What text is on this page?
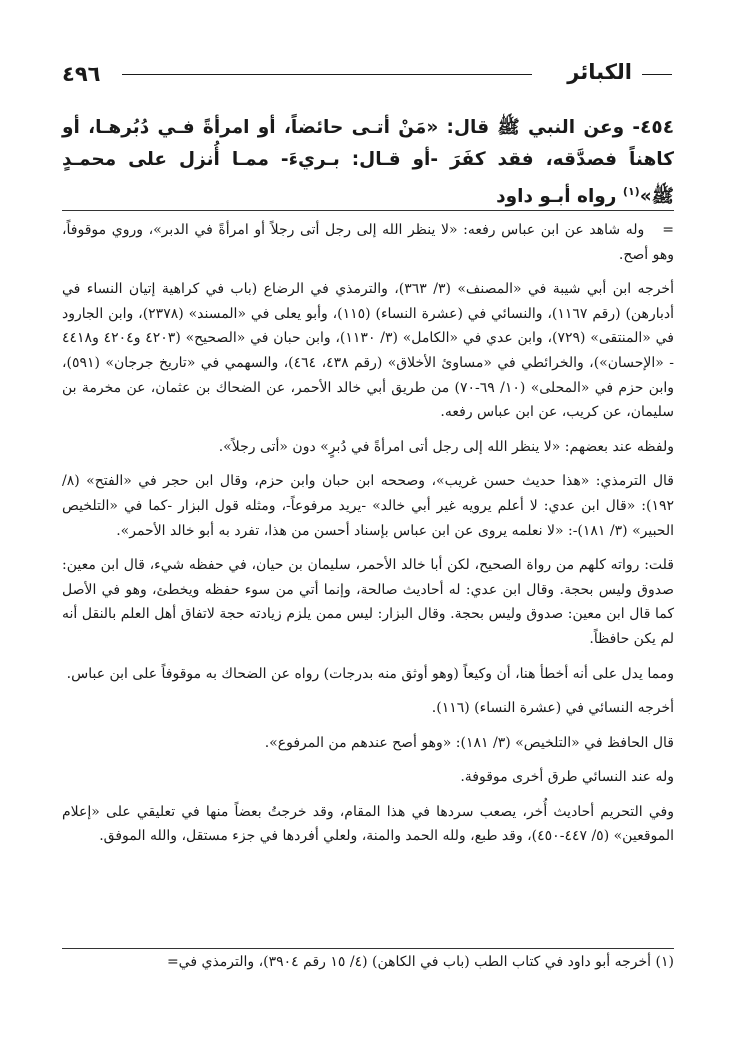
٤٩٦	الكبائر
٤٥٤- وعن النبي ﷺ قال: «مَنْ أتـى حائضاً، أو امرأةً فـي دُبُرهـا، أو كاهناً فصدَّقه، فقد كفَرَ -أو قـال: بـريءَ- ممـا أُنزل على محمـدٍ ﷺ»$^{(١)}$ رواه أبـو داود

=وله شاهد عن ابن عباس رفعه: «لا ينظر الله إلى رجل أتى رجلاً أو امرأةً في الدبر»، وروي موقوفاً، وهو أصح.

أخرجه ابن أبي شيبة في «المصنف» (٣/ ٣٦٣)، والترمذي في الرضاع (باب في كراهية إتيان النساء في أدبارهن) (رقم ١١٦٧)، والنسائي في (عشرة النساء) (١١٥)، وأبو يعلى في «المسند» (٢٣٧٨)، وابن الجارود في «المنتقى» (٧٢٩)، وابن عدي في «الكامل» (٣/ ١١٣٠)، وابن حبان في «الصحيح» (٤٢٠٣ و٤٢٠٤ و٤٤١٨ - «الإحسان»)، والخرائطي في «مساوئ الأخلاق» (رقم ٤٣٨، ٤٦٤)، والسهمي في «تاريخ جرجان» (٥٩١)، وابن حزم في «المحلى» (١٠/ ٦٩-٧٠) من طريق أبي خالد الأحمر، عن الضحاك بن عثمان، عن مخرمة بن سليمان، عن كريب، عن ابن عباس رفعه.

ولفظه عند بعضهم: «لا ينظر الله إلى رجل أتى امرأةً في دُبرٍ» دون «أتى رجلاً».

قال الترمذي: «هذا حديث حسن غريب»، وصححه ابن حبان وابن حزم، وقال ابن حجر في «الفتح» (٨/ ١٩٢): «قال ابن عدي: لا أعلم يرويه غير أبي خالد» -يريد مرفوعاً-، ومثله قول البزار -كما في «التلخيص الحبير» (٣/ ١٨١)-: «لا نعلمه يروى عن ابن عباس بإسناد أحسن من هذا، تفرد به أبو خالد الأحمر».

قلت: رواته كلهم من رواة الصحيح، لكن أبا خالد الأحمر، سليمان بن حيان، في حفظه شيء، قال ابن معين: صدوق وليس بحجة. وقال ابن عدي: له أحاديث صالحة، وإنما أتي من سوء حفظه ويخطئ، وهو في الأصل كما قال ابن معين: صدوق وليس بحجة. وقال البزار: ليس ممن يلزم زيادته حجة لاتفاق أهل العلم بالنقل أنه لم يكن حافظاً.

ومما يدل على أنه أخطأ هنا، أن وكيعاً (وهو أوثق منه بدرجات) رواه عن الضحاك به موقوفاً على ابن عباس.

أخرجه النسائي في (عشرة النساء) (١١٦).

قال الحافظ في «التلخيص» (٣/ ١٨١): «وهو أصح عندهم من المرفوع».

وله عند النسائي طرق أخرى موقوفة.

وفي التحريم أحاديث أُخر، يصعب سردها في هذا المقام، وقد خرجتُ بعضاً منها في تعليقي على «إعلام الموقعين» (٥/ ٤٤٧-٤٥٠)، وقد طبع، ولله الحمد والمنة، ولعلي أفردها في جزء مستقل، والله الموفق.

(١) أخرجه أبو داود في كتاب الطب (باب في الكاهن) (٤/ ١٥ رقم ٣٩٠٤)، والترمذي في=
